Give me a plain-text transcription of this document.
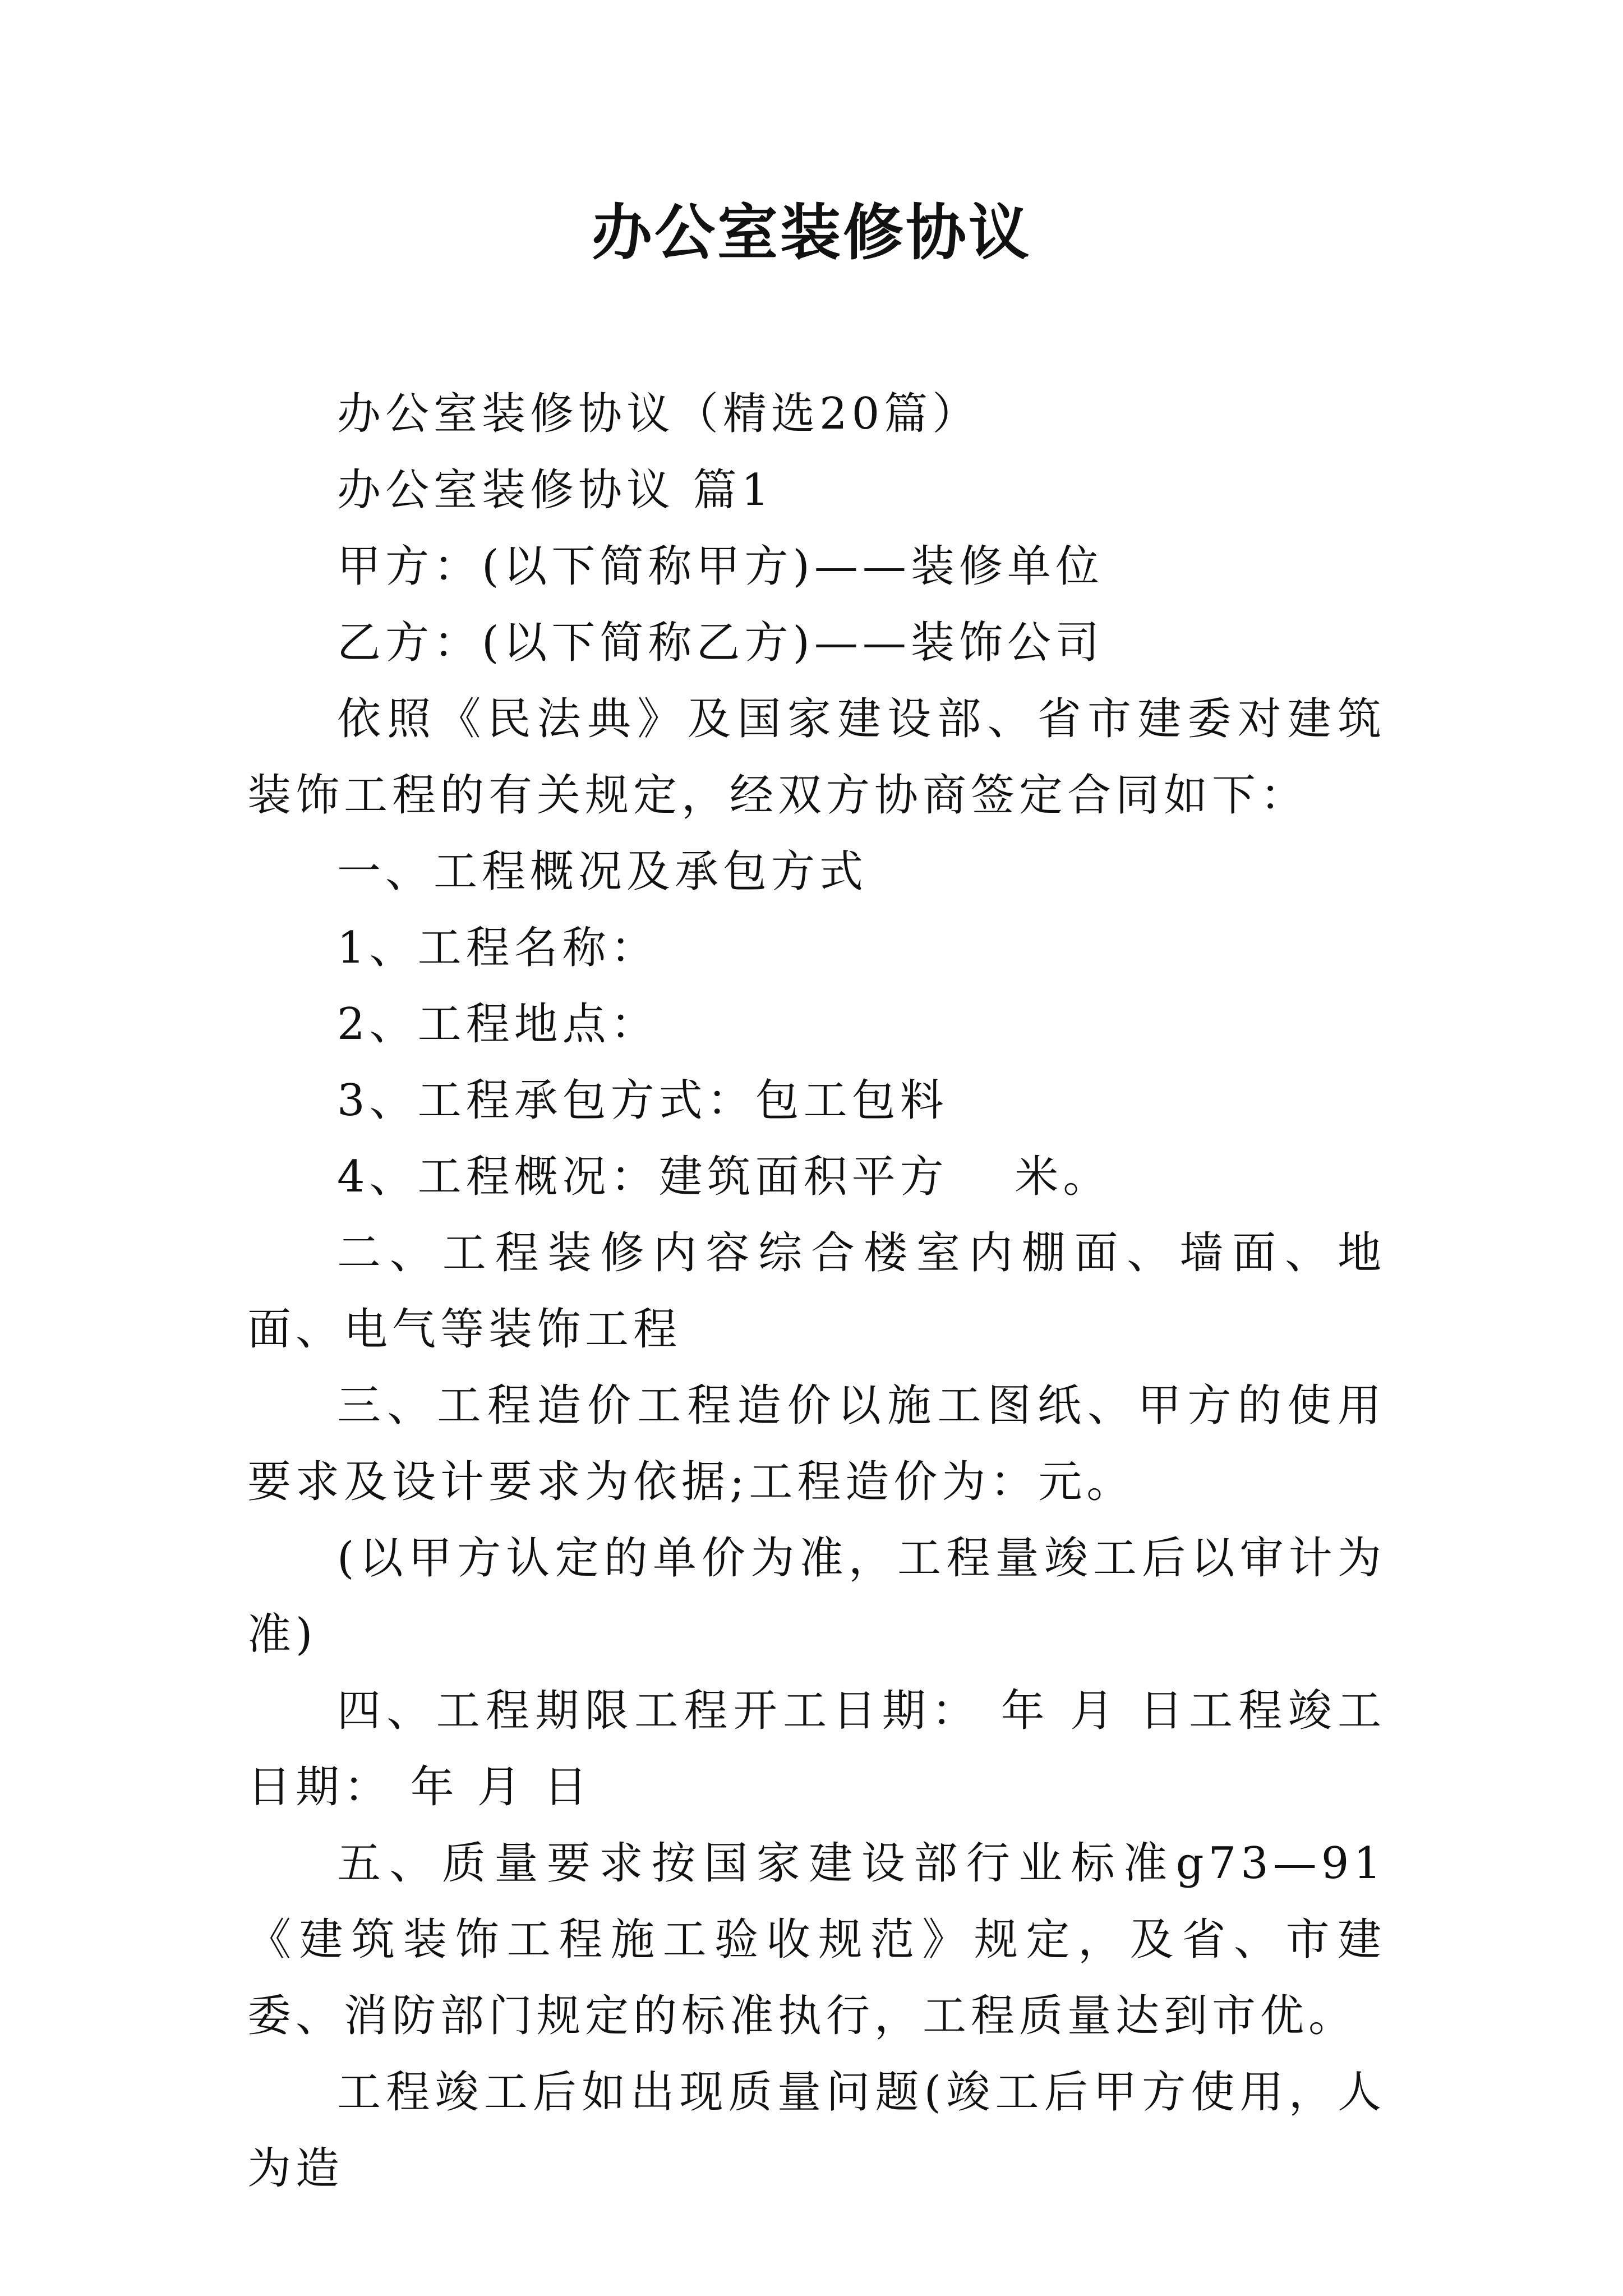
办公室装修协议

办公室装修协议（精选20篇）

办公室装修协议 篇1

甲方：(以下简称甲方)——装修单位

乙方：(以下简称乙方)——装饰公司

依照《民法典》及国家建设部、省市建委对建筑装饰工程的有关规定，经双方协商签定合同如下：

一、工程概况及承包方式

1、工程名称：

2、工程地点：

3、工程承包方式：包工包料

4、工程概况：建筑面积平方　 米。

二、工程装修内容综合楼室内棚面、墙面、地面、电气等装饰工程

三、工程造价工程造价以施工图纸、甲方的使用要求及设计要求为依据;工程造价为：元。

(以甲方认定的单价为准，工程量竣工后以审计为准)

四、工程期限工程开工日期： 年 月 日工程竣工日期： 年 月 日

五、质量要求按国家建设部行业标准g73—91《建筑装饰工程施工验收规范》规定，及省、市建委、消防部门规定的标准执行，工程质量达到市优。

工程竣工后如出现质量问题(竣工后甲方使用，人为造
